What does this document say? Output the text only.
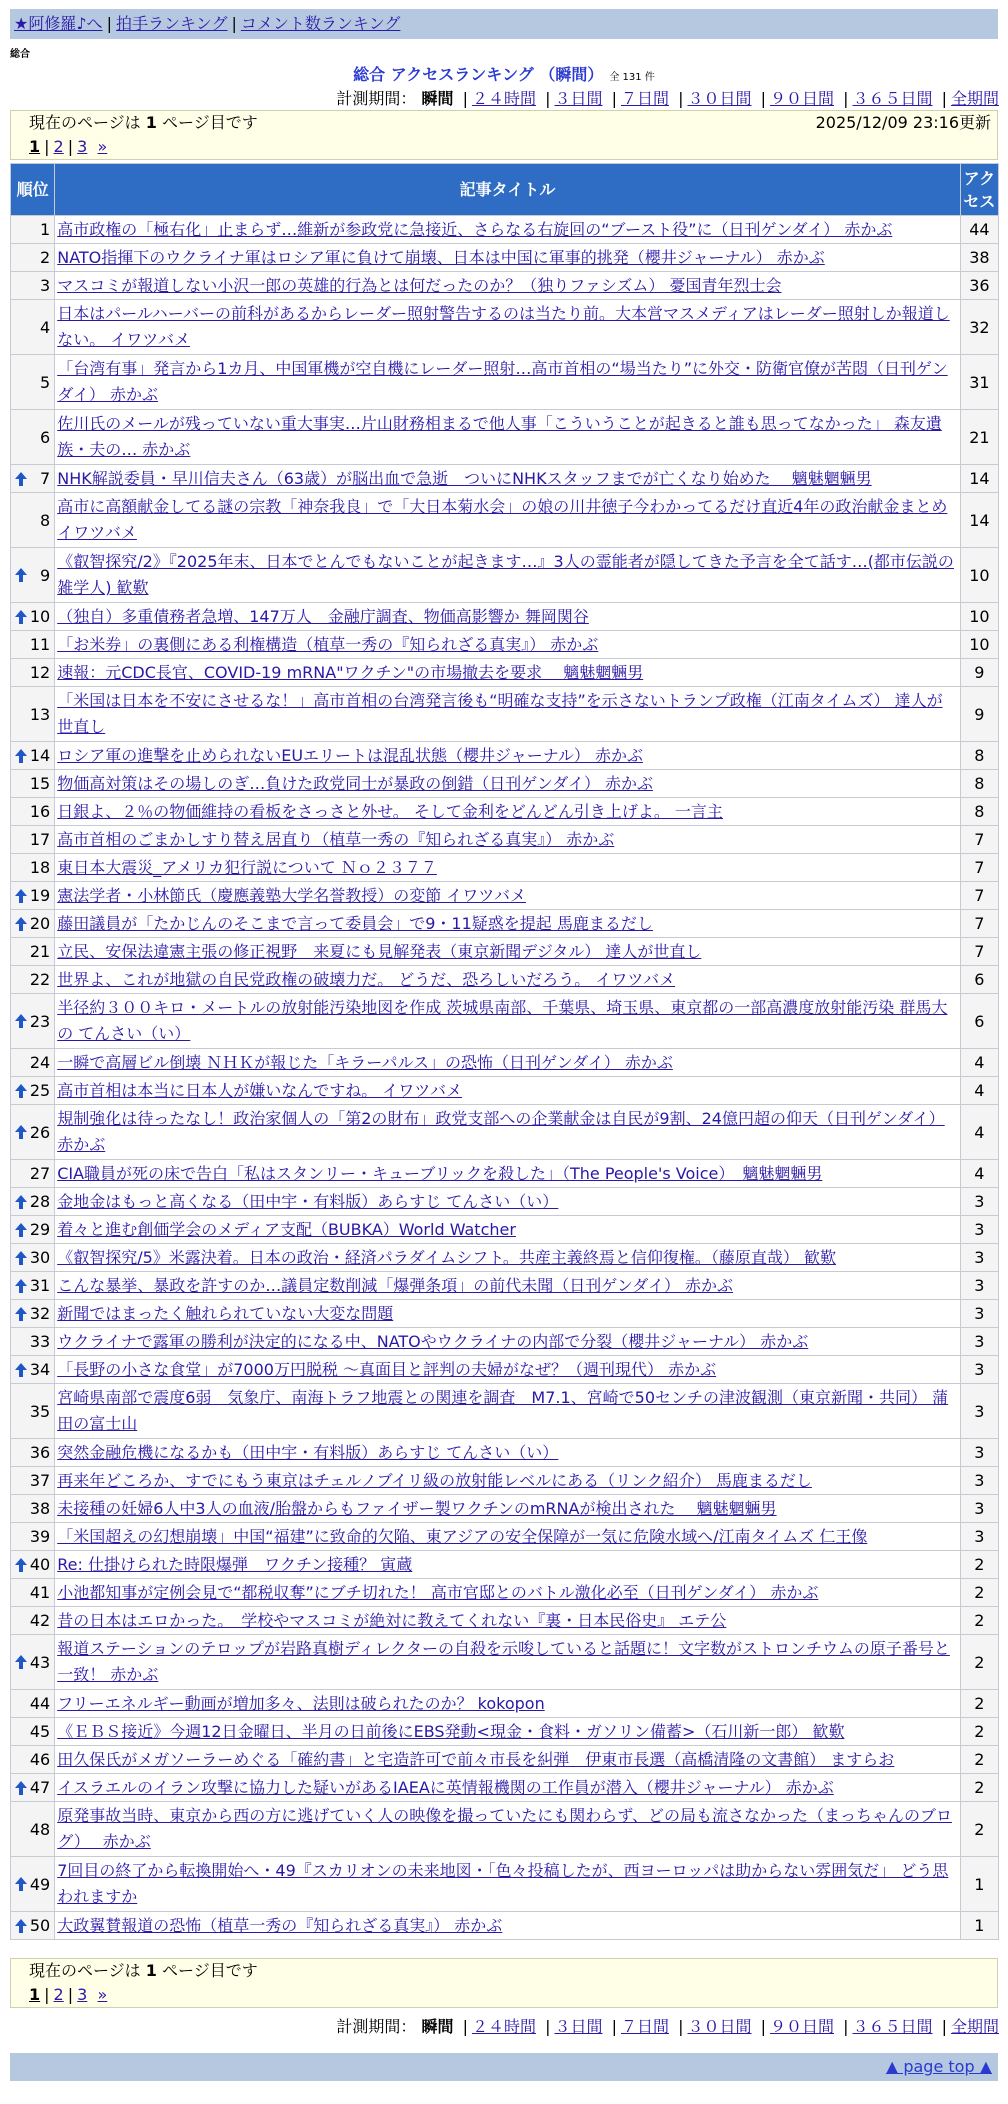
★阿修羅♪へ | 拍手ランキング | コメント数ランキング
総合
総合 アクセスランキング （瞬間） 全 131 件
計測期間： 瞬間 | ２４時間 | ３日間 | ７日間 | ３０日間 | ９０日間 | ３６５日間 | 全期間
現在のページは 1 ページ目です	2025/12/09 23:16更新
1 | 2 | 3 »
順位	記事タイトル	アクセス
1	高市政権の「極右化」止まらず…維新が参政党に急接近、さらなる右旋回の“ブースト役”に（日刊ゲンダイ） 赤かぶ	44
2	NATO指揮下のウクライナ軍はロシア軍に負けて崩壊、日本は中国に軍事的挑発（櫻井ジャーナル） 赤かぶ	38
3	マスコミが報道しない小沢一郎の英雄的行為とは何だったのか？（独りファシズム） 憂国青年烈士会	36
4	日本はパールハーバーの前科があるからレーダー照射警告するのは当たり前。大本営マスメディアはレーダー照射しか報道しない。 イワツバメ	32
5	「台湾有事」発言から1カ月、中国軍機が空自機にレーダー照射…高市首相の“場当たり”に外交・防衛官僚が苦悶（日刊ゲンダイ） 赤かぶ	31
6	佐川氏のメールが残っていない重大事実…片山財務相まるで他人事「こういうことが起きると誰も思ってなかった」 森友遺族・夫の… 赤かぶ	21

7	NHK解説委員・早川信夫さん（63歳）が脳出血で急逝　ついにNHKスタッフまでが亡くなり始めた　 魑魅魍魎男	14
8	高市に高額献金してる謎の宗教「神奈我良」で「大日本菊水会」の娘の川井徳子今わかってるだけ直近4年の政治献金まとめ イワツバメ	14

9	《叡智探究/2》『2025年末、日本でとんでもないことが起きます…』3人の霊能者が隠してきた予言を全て話す…(都市伝説の雑学人) 歓歎	10

10	（独自）多重債務者急増、147万人　金融庁調査、物価高影響か 舞岡関谷	10
11	「お米券」の裏側にある利権構造（植草一秀の『知られざる真実』） 赤かぶ	10
12	速報：元CDC長官、COVID-19 mRNA"ワクチン"の市場撤去を要求　 魑魅魍魎男	9
13	「米国は日本を不安にさせるな！」高市首相の台湾発言後も“明確な支持”を示さないトランプ政権（江南タイムズ） 達人が世直し	9

14	ロシア軍の進撃を止められないEUエリートは混乱状態（櫻井ジャーナル） 赤かぶ	8
15	物価高対策はその場しのぎ…負けた政党同士が暴政の倒錯（日刊ゲンダイ） 赤かぶ	8
16	日銀よ、２％の物価維持の看板をさっさと外せ。 そして金利をどんどん引き上げよ。 一言主	8
17	高市首相のごまかしすり替え居直り（植草一秀の『知られざる真実』） 赤かぶ	7
18	東日本大震災_アメリカ犯行説について Ｎｏ２３７７	7

19	憲法学者・小林節氏（慶應義塾大学名誉教授）の変節 イワツバメ	7

20	藤田議員が「たかじんのそこまで言って委員会」で9・11疑惑を提起 馬鹿まるだし	7
21	立民、安保法違憲主張の修正視野　来夏にも見解発表（東京新聞デジタル） 達人が世直し	7
22	世界よ、これが地獄の自民党政権の破壊力だ。 どうだ、恐ろしいだろう。 イワツバメ	6

23	半径約３００キロ・メートルの放射能汚染地図を作成 茨城県南部、千葉県、埼玉県、東京都の一部高濃度放射能汚染 群馬大の てんさい（い）	6
24	一瞬で高層ビル倒壊 ＮＨＫが報じた「キラーパルス」の恐怖（日刊ゲンダイ） 赤かぶ	4

25	高市首相は本当に日本人が嫌いなんですね。 イワツバメ	4

26	規制強化は待ったなし！政治家個人の「第2の財布」政党支部への企業献金は自民が9割、24億円超の仰天（日刊ゲンダイ） 赤かぶ	4
27	CIA職員が死の床で告白「私はスタンリー・キューブリックを殺した」（The People's Voice）　魑魅魍魎男	4

28	金地金はもっと高くなる（田中宇・有料版）あらすじ てんさい（い）	3

29	着々と進む創価学会のメディア支配（BUBKA）World Watcher	3

30	《叡智探究/5》米露決着。日本の政治・経済パラダイムシフト。共産主義終焉と信仰復権。（藤原直哉） 歓歎	3

31	こんな暴挙、暴政を許すのか…議員定数削減「爆弾条項」の前代未聞（日刊ゲンダイ） 赤かぶ	3

32	新聞ではまったく触れられていない大変な問題	3
33	ウクライナで露軍の勝利が決定的になる中、NATOやウクライナの内部で分裂（櫻井ジャーナル） 赤かぶ	3

34	「長野の小さな食堂」が7000万円脱税 ～真面目と評判の夫婦がなぜ？（週刊現代） 赤かぶ	3
35	宮崎県南部で震度6弱　気象庁、南海トラフ地震との関連を調査　M7.1、宮崎で50センチの津波観測（東京新聞・共同） 蒲田の富士山	3
36	突然金融危機になるかも（田中宇・有料版）あらすじ てんさい（い）	3
37	再来年どころか、すでにもう東京はチェルノブイリ級の放射能レベルにある（リンク紹介） 馬鹿まるだし	3
38	未接種の妊婦6人中3人の血液/胎盤からもファイザー製ワクチンのmRNAが検出された　 魑魅魍魎男	3
39	「米国超えの幻想崩壊」中国“福建”に致命的欠陥、東アジアの安全保障が一気に危険水域へ/江南タイムズ 仁王像	3

40	Re: 仕掛けられた時限爆弾　ワクチン接種？ 寅蔵	2
41	小池都知事が定例会見で“都税収奪”にブチ切れた！ 高市官邸とのバトル激化必至（日刊ゲンダイ） 赤かぶ	2
42	昔の日本はエロかった。　学校やマスコミが絶対に教えてくれない『裏・日本民俗史』 エテ公	2

43	報道ステーションのテロップが岩路真樹ディレクターの自殺を示唆していると話題に！文字数がストロンチウムの原子番号と一致！ 赤かぶ	2
44	フリーエネルギー動画が増加多々、法則は破られたのか？ kokopon	2
45	《ＥＢＳ接近》今週12日金曜日、半月の日前後にEBS発動<現金・食料・ガソリン備蓄>（石川新一郎） 歓歎	2
46	田久保氏がメガソーラーめぐる「確約書」と宅造許可で前々市長を糾弾　伊東市長選（高橋清隆の文書館） ますらお	2

47	イスラエルのイラン攻撃に協力した疑いがあるIAEAに英情報機関の工作員が潜入（櫻井ジャーナル） 赤かぶ	2
48	原発事故当時、東京から西の方に逃げていく人の映像を撮っていたにも関わらず、どの局も流さなかった（まっちゃんのブログ）　 赤かぶ	2

49	7回目の終了から転換開始へ・49『スカリオンの未来地図・「色々投稿したが、西ヨーロッパは助からない雰囲気だ」 どう思われますか	1

50	大政翼賛報道の恐怖（植草一秀の『知られざる真実』） 赤かぶ	1
現在のページは 1 ページ目です
1 | 2 | 3 »
計測期間： 瞬間 | ２４時間 | ３日間 | ７日間 | ３０日間 | ９０日間 | ３６５日間 | 全期間
▲ page top ▲
